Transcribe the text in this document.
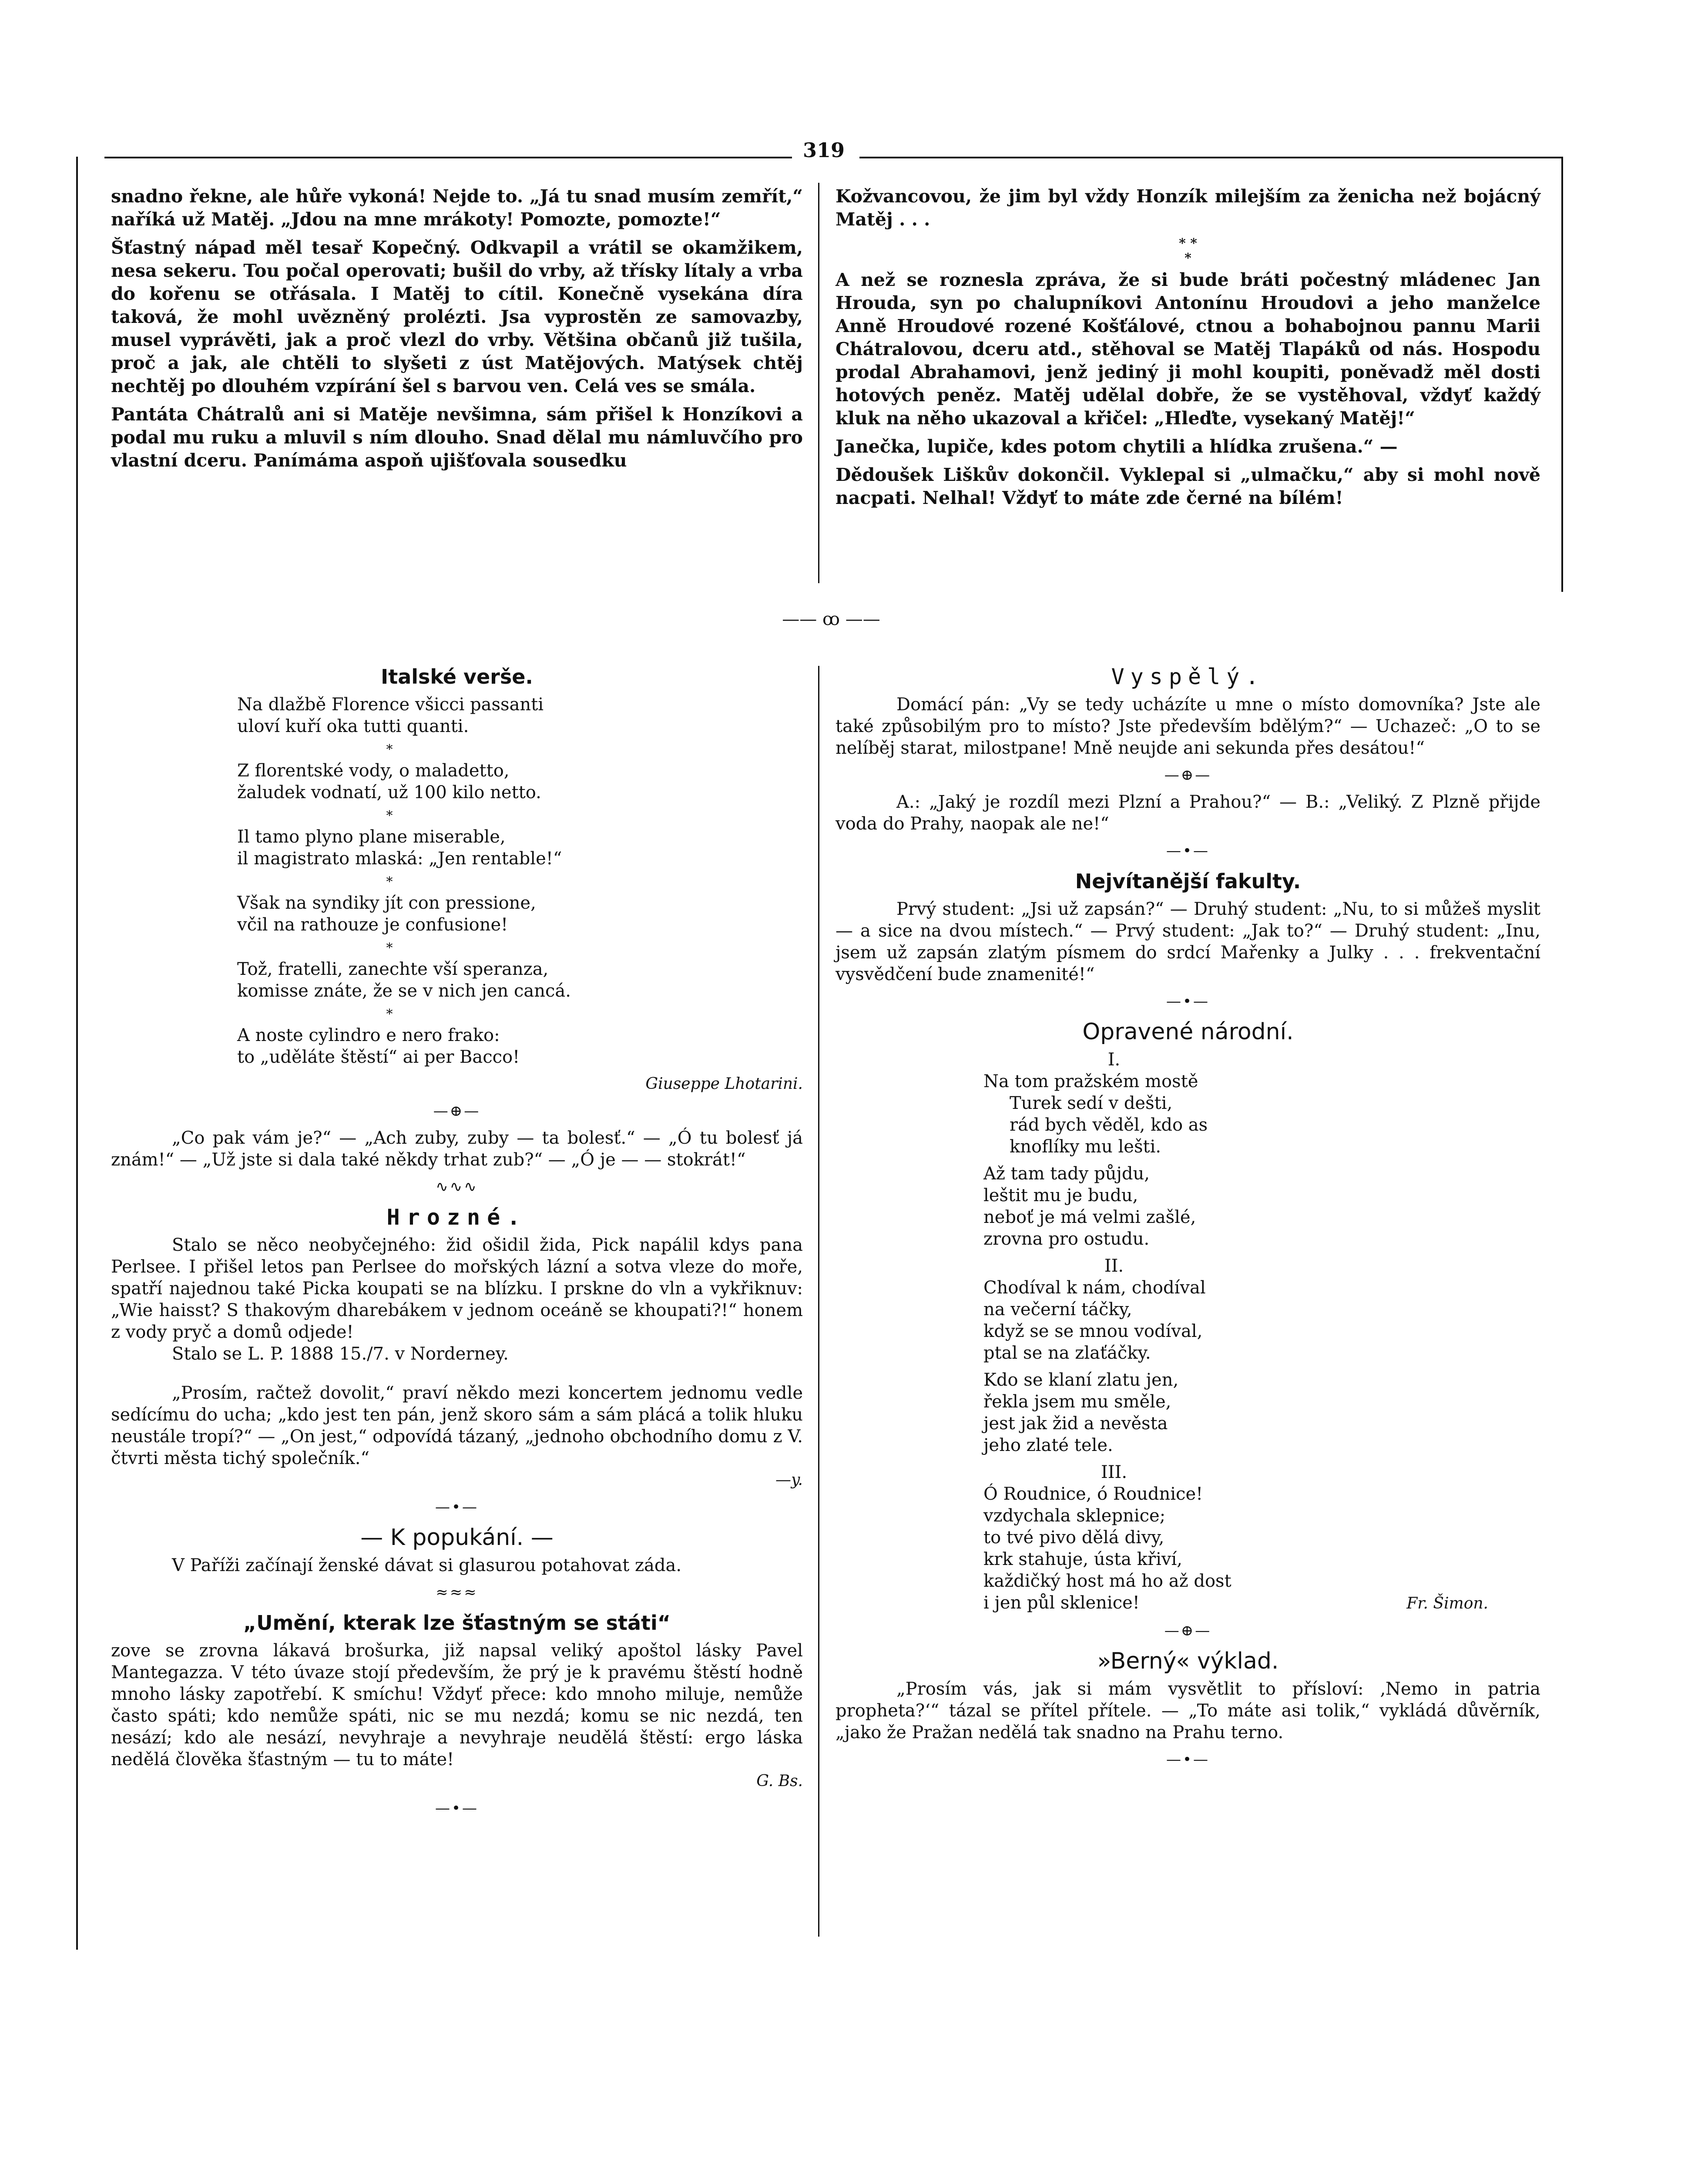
319

snadno řekne, ale hůře vykoná! Nejde to. „Já tu snad musím zemřít,“ naříká už Matěj. „Jdou na mne mrákoty! Pomozte, pomozte!“

Šťastný nápad měl tesař Kopečný. Odkvapil a vrátil se okamžikem, nesa sekeru. Tou počal operovati; bušil do vrby, až třísky lítaly a vrba do kořenu se otřásala. I Matěj to cítil. Konečně vysekána díra taková, že mohl uvězněný prolézti. Jsa vyprostěn ze samovazby, musel vyprávěti, jak a proč vlezl do vrby. Většina občanů již tušila, proč a jak, ale chtěli to slyšeti z úst Matějových. Matýsek chtěj nechtěj po dlouhém vzpírání šel s barvou ven. Celá ves se smála.

Pantáta Chátralů ani si Matěje nevšimna, sám přišel k Honzíkovi a podal mu ruku a mluvil s ním dlouho. Snad dělal mu námluvčího pro vlastní dceru. Panímáma aspoň ujišťovala sousedku

Kožvancovou, že jim byl vždy Honzík milejším za ženicha než bojácný Matěj . . .

* *
*

A než se roznesla zpráva, že si bude bráti počestný mládenec Jan Hrouda, syn po chalupníkovi Antonínu Hroudovi a jeho manželce Anně Hroudové rozené Košťálové, ctnou a bohabojnou pannu Marii Chátralovou, dceru atd., stěhoval se Matěj Tlapáků od nás. Hospodu prodal Abrahamovi, jenž jediný ji mohl koupiti, poněvadž měl dosti hotových peněz. Matěj udělal dobře, že se vystěhoval, vždyť každý kluk na něho ukazoval a křičel: „Hleďte, vysekaný Matěj!“

Janečka, lupiče, kdes potom chytili a hlídka zrušena.“ —

Dědoušek Liškův dokončil. Vyklepal si „ulmačku,“ aby si mohl nově nacpati. Nelhal! Vždyť to máte zde černé na bílém!

—— ꝏ ——
Italské verše.
Na dlažbě Florence všicci passanti
uloví kuří oka tutti quanti.
*
Z florentské vody, o maladetto,
žaludek vodnatí, už 100 kilo netto.
*
Il tamo plyno plane miserable,
il magistrato mlaská: „Jen rentable!“
*
Však na syndiky jít con pressione,
včil na rathouze je confusione!
*
Tož, fratelli, zanechte vší speranza,
komisse znáte, že se v nich jen cancá.
*
A noste cylindro e nero frako:
to „uděláte štěstí“ ai per Bacco!
Giuseppe Lhotarini.
—⊕—

„Co pak vám je?“ — „Ach zuby, zuby — ta bolesť.“ — „Ó tu bolesť já znám!“ — „Už jste si dala také někdy trhat zub?“ — „Ó je — — stokrát!“

∿∿∿
Hrozné.

Stalo se něco neobyčejného: žid ošidil žida, Pick napálil kdys pana Perlsee. I přišel letos pan Perlsee do mořských lázní a sotva vleze do moře, spatří najednou také Picka koupati se na blízku. I prskne do vln a vykřiknuv: „Wie haisst? S thakovým dharebákem v jednom oceáně se khoupati?!“ honem z vody pryč a domů odjede!

Stalo se L. P. 1888 15./7. v Norderney.

„Prosím, račtež dovolit,“ praví někdo mezi koncertem jednomu vedle sedícímu do ucha; „kdo jest ten pán, jenž skoro sám a sám plácá a tolik hluku neustále tropí?“ — „On jest,“ odpovídá tázaný, „jednoho obchodního domu z V. čtvrti města tichý společník.“

—y.
—•—
— K popukání. —

V Paříži začínají ženské dávat si glasurou potahovat záda.

≈≈≈
„Umění, kterak lze šťastným se státi“

zove se zrovna lákavá brošurka, již napsal veliký apoštol lásky Pavel Mantegazza. V této úvaze stojí především, že prý je k pravému štěstí hodně mnoho lásky zapotřebí. K smíchu! Vždyť přece: kdo mnoho miluje, nemůže často spáti; kdo nemůže spáti, nic se mu nezdá; komu se nic nezdá, ten nesází; kdo ale nesází, nevyhraje a nevyhraje neudělá štěstí: ergo láska nedělá člověka šťastným — tu to máte!

G. Bs.
—•—
Vyspělý.

Domácí pán: „Vy se tedy ucházíte u mne o místo domovníka? Jste ale také způsobilým pro to místo? Jste především bdělým?“ — Uchazeč: „O to se nelíběj starat, milostpane! Mně neujde ani sekunda přes desátou!“

—⊕—

A.: „Jaký je rozdíl mezi Plzní a Prahou?“ — B.: „Veliký. Z Plzně přijde voda do Prahy, naopak ale ne!“

—•—
Nejvítanější fakulty.

Prvý student: „Jsi už zapsán?“ — Druhý student: „Nu, to si můžeš myslit — a sice na dvou místech.“ — Prvý student: „Jak to?“ — Druhý student: „Inu, jsem už zapsán zlatým písmem do srdcí Mařenky a Julky . . . frekventační vysvědčení bude znamenité!“

—•—
Opravené národní.
I.
Na tom pražském mostě
Turek sedí v dešti,
rád bych věděl, kdo as
knoflíky mu lešti.
Až tam tady půjdu,
leštit mu je budu,
neboť je má velmi zašlé,
zrovna pro ostudu.
II.
Chodíval k nám, chodíval
na večerní táčky,
když se se mnou vodíval,
ptal se na zlaťáčky.
Kdo se klaní zlatu jen,
řekla jsem mu směle,
jest jak žid a nevěsta
jeho zlaté tele.
III.
Ó Roudnice, ó Roudnice!
vzdychala sklepnice;
to tvé pivo dělá divy,
krk stahuje, ústa křiví,
každičký host má ho až dost
i jen půl sklenice!	Fr. Šimon.
—⊕—
»Berný« výklad.

„Prosím vás, jak si mám vysvětlit to přísloví: ‚Nemo in patria propheta?‘“ tázal se přítel přítele. — „To máte asi tolik,“ vykládá důvěrník, „jako že Pražan nedělá tak snadno na Prahu terno.

—•—
